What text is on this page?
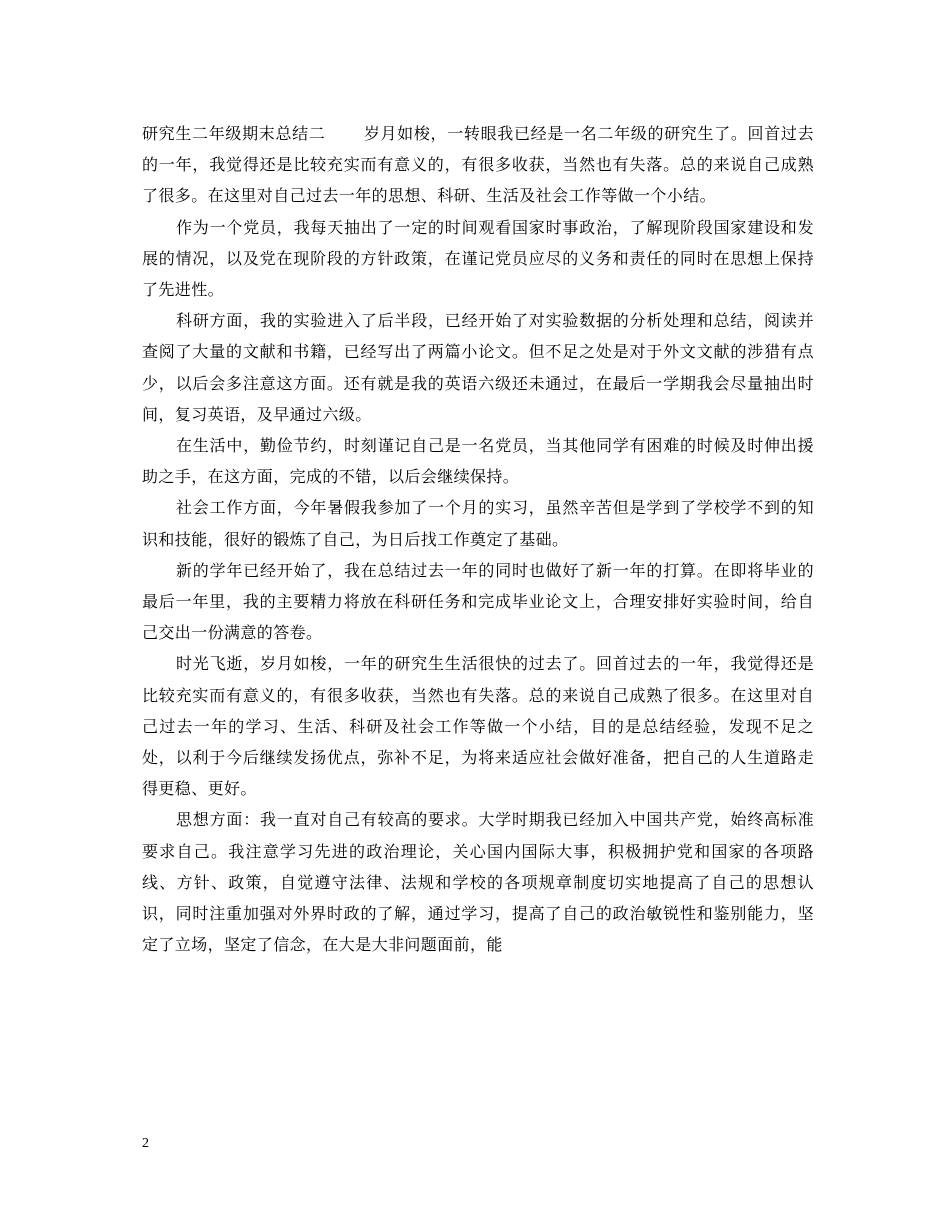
研究生二年级期末总结二 岁月如梭，一转眼我已经是一名二年级的研究生了。回首过去的一年，我觉得还是比较充实而有意义的，有很多收获，当然也有失落。总的来说自己成熟了很多。在这里对自己过去一年的思想、科研、生活及社会工作等做一个小结。

作为一个党员，我每天抽出了一定的时间观看国家时事政治，了解现阶段国家建设和发展的情况，以及党在现阶段的方针政策，在谨记党员应尽的义务和责任的同时在思想上保持了先进性。

科研方面，我的实验进入了后半段，已经开始了对实验数据的分析处理和总结，阅读并查阅了大量的文献和书籍，已经写出了两篇小论文。但不足之处是对于外文文献的涉猎有点少，以后会多注意这方面。还有就是我的英语六级还未通过，在最后一学期我会尽量抽出时间，复习英语，及早通过六级。

在生活中，勤俭节约，时刻谨记自己是一名党员，当其他同学有困难的时候及时伸出援助之手，在这方面，完成的不错，以后会继续保持。

社会工作方面，今年暑假我参加了一个月的实习，虽然辛苦但是学到了学校学不到的知识和技能，很好的锻炼了自己，为日后找工作奠定了基础。

新的学年已经开始了，我在总结过去一年的同时也做好了新一年的打算。在即将毕业的最后一年里，我的主要精力将放在科研任务和完成毕业论文上，合理安排好实验时间，给自己交出一份满意的答卷。

时光飞逝，岁月如梭，一年的研究生生活很快的过去了。回首过去的一年，我觉得还是比较充实而有意义的，有很多收获，当然也有失落。总的来说自己成熟了很多。在这里对自己过去一年的学习、生活、科研及社会工作等做一个小结，目的是总结经验，发现不足之处，以利于今后继续发扬优点，弥补不足，为将来适应社会做好准备，把自己的人生道路走得更稳、更好。

思想方面：我一直对自己有较高的要求。大学时期我已经加入中国共产党，始终高标准要求自己。我注意学习先进的政治理论，关心国内国际大事，积极拥护党和国家的各项路线、方针、政策，自觉遵守法律、法规和学校的各项规章制度切实地提高了自己的思想认识，同时注重加强对外界时政的了解，通过学习，提高了自己的政治敏锐性和鉴别能力，坚定了立场，坚定了信念，在大是大非问题面前，能

2
